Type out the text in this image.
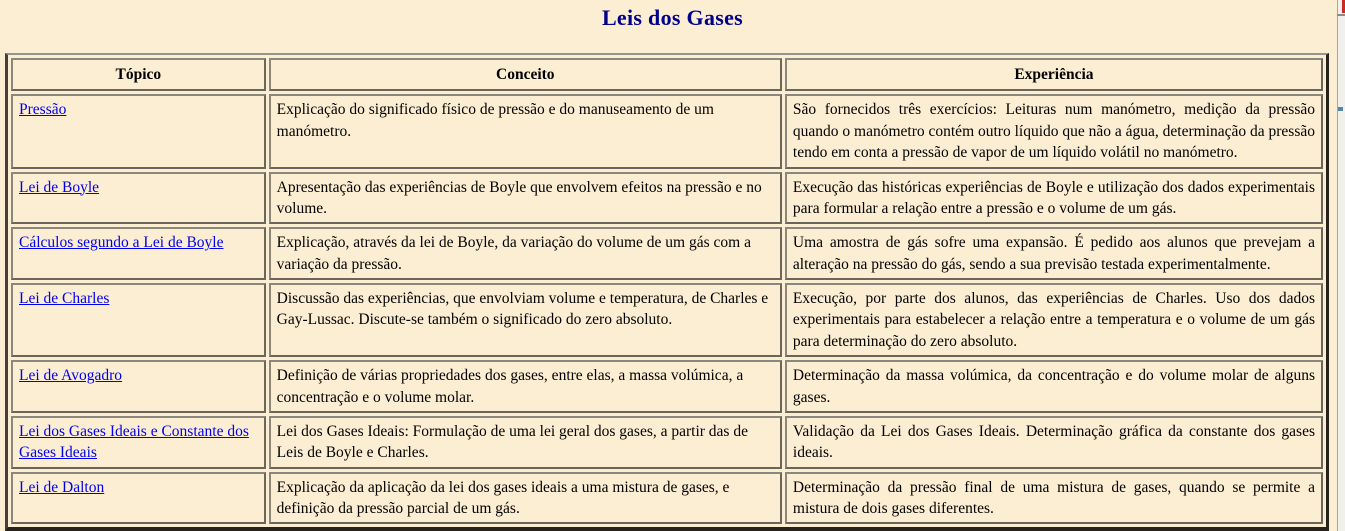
Leis dos Gases
Tópico	Conceito	Experiência
Pressão	Explicação do significado físico de pressão e do manuseamento de um manómetro.	São fornecidos três exercícios: Leituras num manómetro, medição da pressão quando o manómetro contém outro líquido que não a água, determinação da pressão tendo em conta a pressão de vapor de um líquido volátil no manómetro.
Lei de Boyle	Apresentação das experiências de Boyle que envolvem efeitos na pressão e no volume.	Execução das históricas experiências de Boyle e utilização dos dados experimentais para formular a relação entre a pressão e o volume de um gás.
Cálculos segundo a Lei de Boyle	Explicação, através da lei de Boyle, da variação do volume de um gás com a variação da pressão.	Uma amostra de gás sofre uma expansão. É pedido aos alunos que prevejam a alteração na pressão do gás, sendo a sua previsão testada experimentalmente.
Lei de Charles	Discussão das experiências, que envolviam volume e temperatura, de Charles e Gay-Lussac. Discute-se também o significado do zero absoluto.	Execução, por parte dos alunos, das experiências de Charles. Uso dos dados experimentais para estabelecer a relação entre a temperatura e o volume de um gás para determinação do zero absoluto.
Lei de Avogadro	Definição de várias propriedades dos gases, entre elas, a massa volúmica, a concentração e o volume molar.	Determinação da massa volúmica, da concentração e do volume molar de alguns gases.
Lei dos Gases Ideais e Constante dos Gases Ideais	Lei dos Gases Ideais: Formulação de uma lei geral dos gases, a partir das de Leis de Boyle e Charles.	Validação da Lei dos Gases Ideais. Determinação gráfica da constante dos gases ideais.
Lei de Dalton	Explicação da aplicação da lei dos gases ideais a uma mistura de gases, e definição da pressão parcial de um gás.	Determinação da pressão final de uma mistura de gases, quando se permite a mistura de dois gases diferentes.
